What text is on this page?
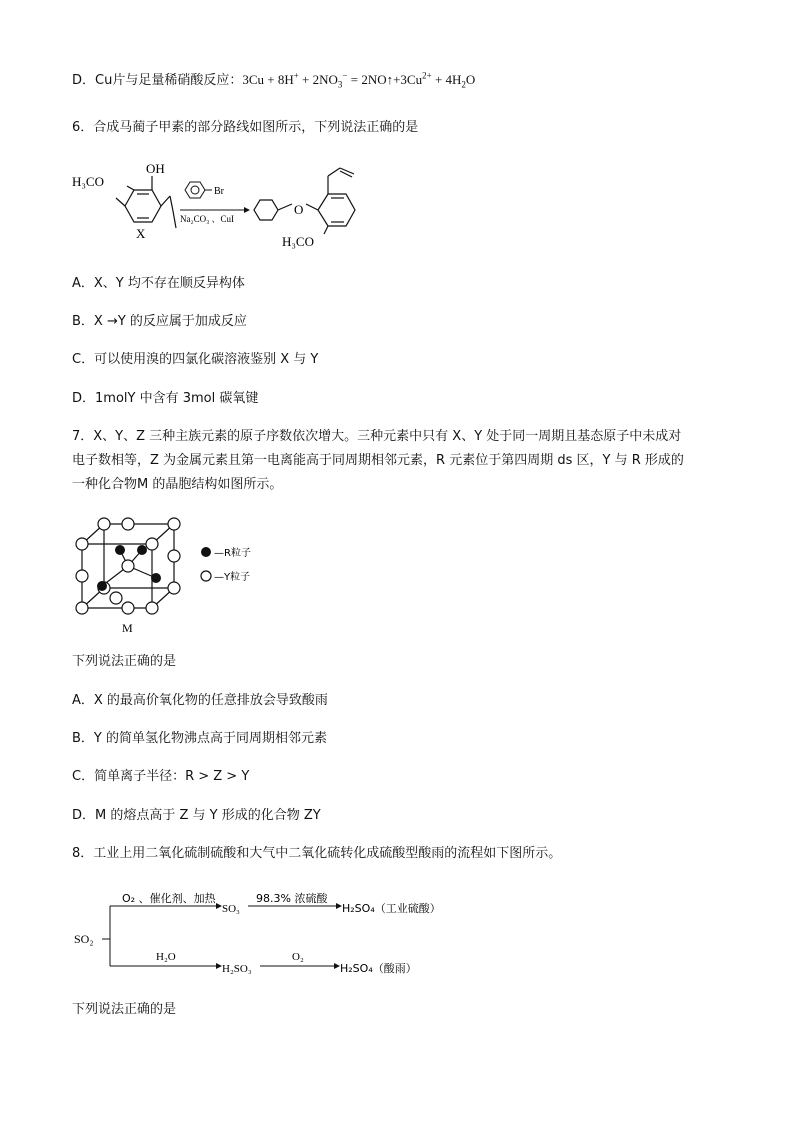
D．Cu片与足量稀硝酸反应：$3Cu + 8H^+ + 2NO_3^-$ = $2NO↑+3Cu^{2+} + 4H_2O$
6．合成马蔺子甲素的部分路线如图所示，下列说法正确的是
H₃CO
OH
X
Br
Na₂CO₃ 、CuI
O
H₃CO
A．X、Y 均不存在顺反异构体
B．X →Y 的反应属于加成反应
C．可以使用溴的四氯化碳溶液鉴别 X 与 Y
D．1molY 中含有 3mol 碳氧键
7．X、Y、Z 三种主族元素的原子序数依次增大。三种元素中只有 X、Y 处于同一周期且基态原子中未成对
电子数相等，Z 为金属元素且第一电离能高于同周期相邻元素，R 元素位于第四周期 ds 区，Y 与 R 形成的
一种化合物M 的晶胞结构如图所示。
—R粒子
—Y粒子
M
下列说法正确的是
A．X 的最高价氧化物的任意排放会导致酸雨
B．Y 的简单氢化物沸点高于同周期相邻元素
C．简单离子半径：R > Z > Y
D．M 的熔点高于 Z 与 Y 形成的化合物 ZY
8．工业上用二氧化硫制硫酸和大气中二氧化硫转化成硫酸型酸雨的流程如下图所示。
SO₂
O₂ 、催化剂、加热
SO₃
98.3% 浓硫酸
H₂SO₄（工业硫酸）
H₂O
H₂SO₃
O₂
H₂SO₄（酸雨）
下列说法正确的是
